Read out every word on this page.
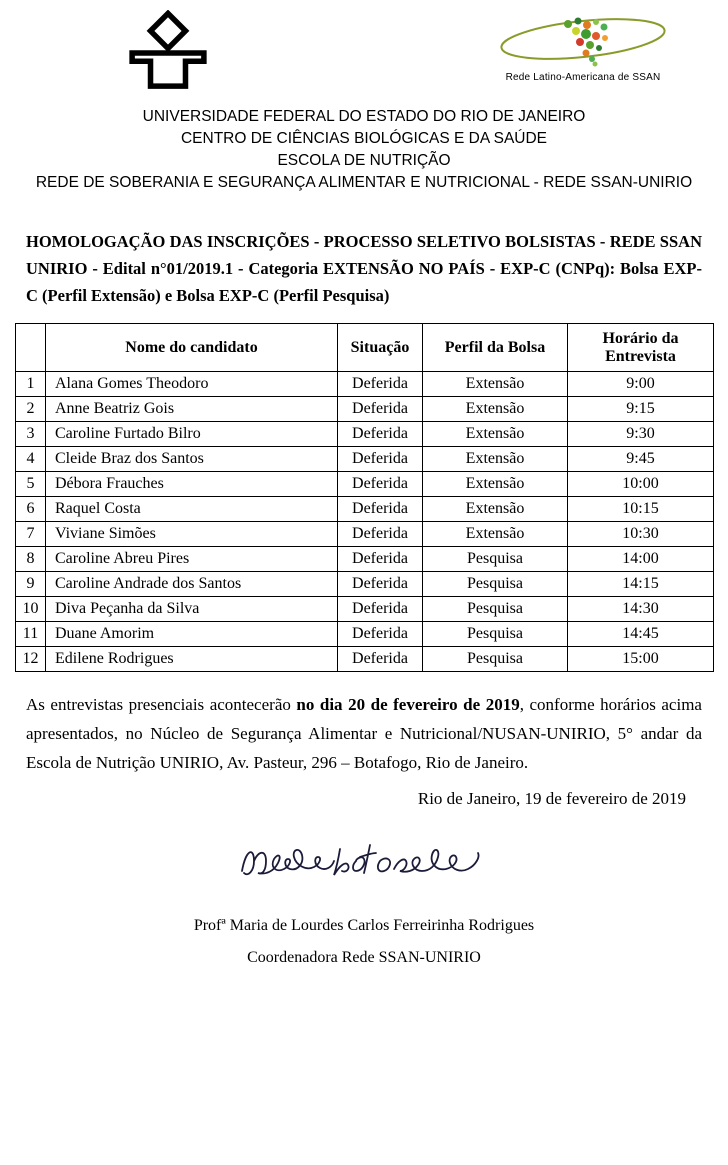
Rede Latino-Americana de SSAN
UNIVERSIDADE FEDERAL DO ESTADO DO RIO DE JANEIRO
CENTRO DE CIÊNCIAS BIOLÓGICAS E DA SAÚDE
ESCOLA DE NUTRIÇÃO
REDE DE SOBERANIA E SEGURANÇA ALIMENTAR E NUTRICIONAL - REDE SSAN-UNIRIO
HOMOLOGAÇÃO DAS INSCRIÇÕES - PROCESSO SELETIVO BOLSISTAS - REDE SSAN UNIRIO - Edital n°01/2019.1 - Categoria EXTENSÃO NO PAÍS - EXP-C (CNPq): Bolsa EXP-C (Perfil Extensão) e Bolsa EXP-C (Perfil Pesquisa)
	Nome do candidato	Situação	Perfil da Bolsa	Horário da Entrevista
1	Alana Gomes Theodoro	Deferida	Extensão	9:00
2	Anne Beatriz Gois	Deferida	Extensão	9:15
3	Caroline Furtado Bilro	Deferida	Extensão	9:30
4	Cleide Braz dos Santos	Deferida	Extensão	9:45
5	Débora Frauches	Deferida	Extensão	10:00
6	Raquel Costa	Deferida	Extensão	10:15
7	Viviane Simões	Deferida	Extensão	10:30
8	Caroline Abreu Pires	Deferida	Pesquisa	14:00
9	Caroline Andrade dos Santos	Deferida	Pesquisa	14:15
10	Diva Peçanha da Silva	Deferida	Pesquisa	14:30
11	Duane Amorim	Deferida	Pesquisa	14:45
12	Edilene Rodrigues	Deferida	Pesquisa	15:00

As entrevistas presenciais acontecerão no dia 20 de fevereiro de 2019, conforme horários acima apresentados, no Núcleo de Segurança Alimentar e Nutricional/NUSAN-UNIRIO, 5° andar da Escola de Nutrição UNIRIO, Av. Pasteur, 296 – Botafogo, Rio de Janeiro.

Rio de Janeiro, 19 de fevereiro de 2019
Profª Maria de Lourdes Carlos Ferreirinha Rodrigues
Coordenadora Rede SSAN-UNIRIO
